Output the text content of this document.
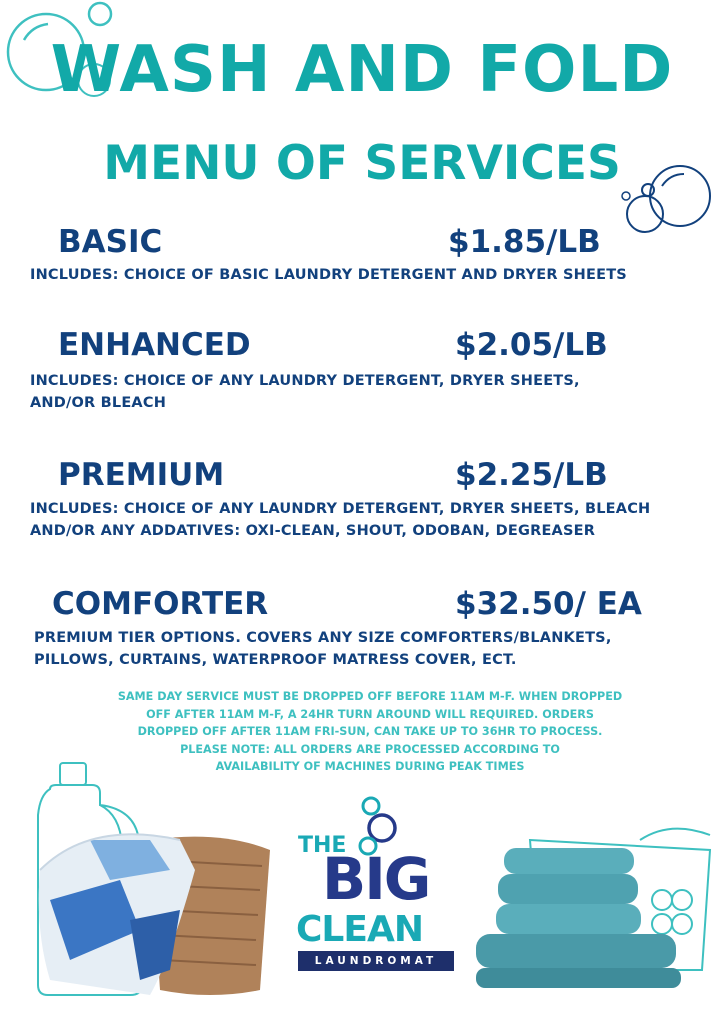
WASH AND FOLD
MENU OF SERVICES
BASIC	$1.85/LB
INCLUDES: CHOICE OF BASIC LAUNDRY DETERGENT AND DRYER SHEETS
ENHANCED	$2.05/LB
INCLUDES: CHOICE OF ANY LAUNDRY DETERGENT, DRYER SHEETS,
AND/OR BLEACH
PREMIUM	$2.25/LB
INCLUDES: CHOICE OF ANY LAUNDRY DETERGENT, DRYER SHEETS, BLEACH
AND/OR ANY ADDATIVES: OXI-CLEAN, SHOUT, ODOBAN, DEGREASER
COMFORTER	$32.50/ EA
PREMIUM TIER OPTIONS. COVERS ANY SIZE COMFORTERS/BLANKETS,
PILLOWS, CURTAINS, WATERPROOF MATRESS COVER, ECT.
SAME DAY SERVICE MUST BE DROPPED OFF BEFORE 11AM M-F. WHEN DROPPED
OFF AFTER 11AM M-F, A 24HR TURN AROUND WILL REQUIRED. ORDERS
DROPPED OFF AFTER 11AM FRI-SUN, CAN TAKE UP TO 36HR TO PROCESS.
PLEASE NOTE: ALL ORDERS ARE PROCESSED ACCORDING TO
AVAILABILITY OF MACHINES DURING PEAK TIMES
THE
BIG
CLEAN
LAUNDROMAT
